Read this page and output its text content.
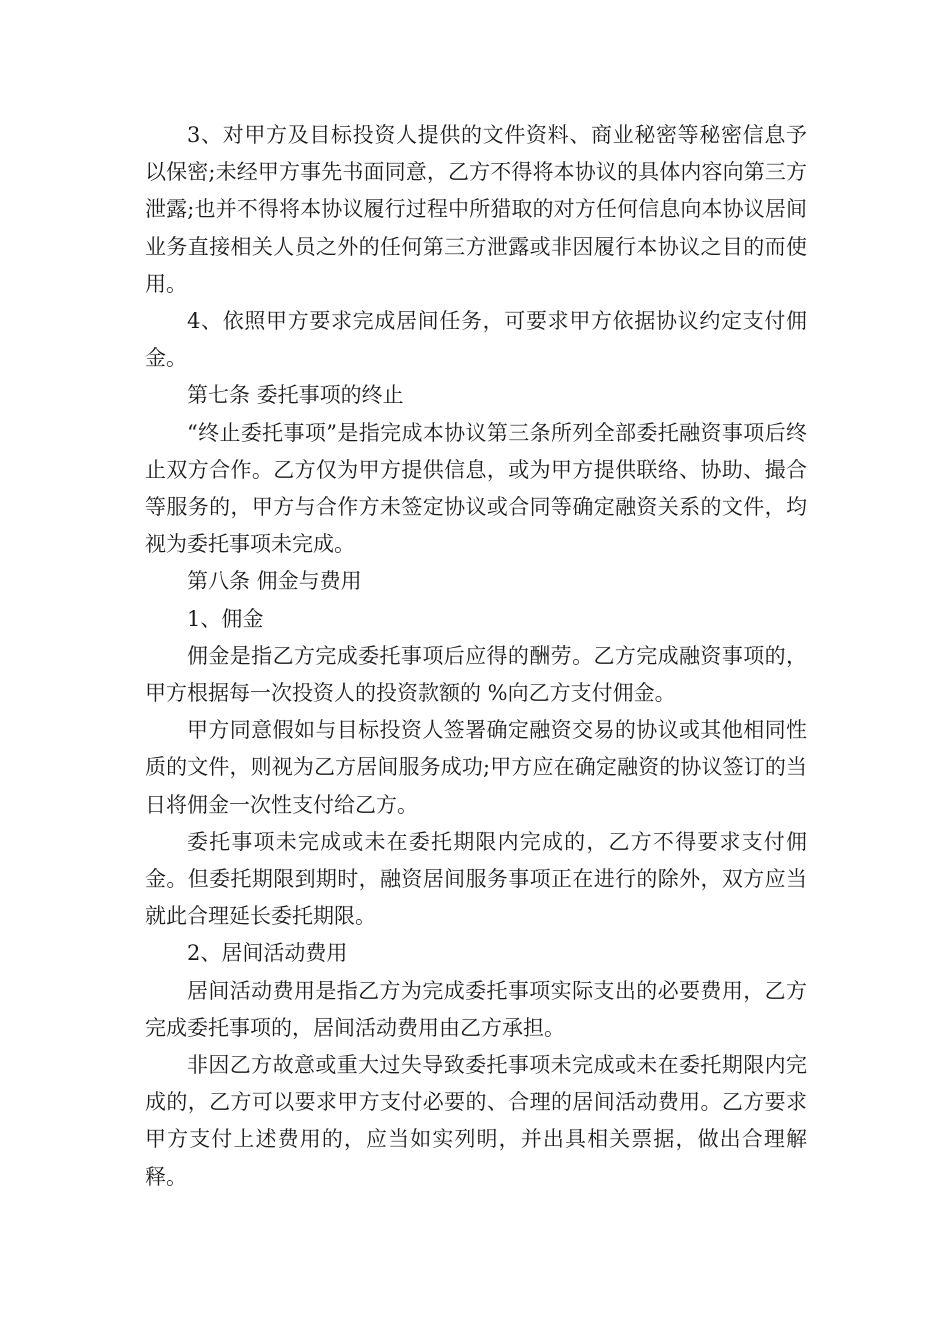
3、对甲方及目标投资人提供的文件资料、商业秘密等秘密信息予以保密;未经甲方事先书面同意，乙方不得将本协议的具体内容向第三方泄露;也并不得将本协议履行过程中所猎取的对方任何信息向本协议居间业务直接相关人员之外的任何第三方泄露或非因履行本协议之目的而使用。

4、依照甲方要求完成居间任务，可要求甲方依据协议约定支付佣金。

第七条 委托事项的终止

“终止委托事项”是指完成本协议第三条所列全部委托融资事项后终止双方合作。乙方仅为甲方提供信息，或为甲方提供联络、协助、撮合等服务的，甲方与合作方未签定协议或合同等确定融资关系的文件，均视为委托事项未完成。

第八条 佣金与费用

1、佣金

佣金是指乙方完成委托事项后应得的酬劳。乙方完成融资事项的，甲方根据每一次投资人的投资款额的 %向乙方支付佣金。

甲方同意假如与目标投资人签署确定融资交易的协议或其他相同性质的文件，则视为乙方居间服务成功;甲方应在确定融资的协议签订的当日将佣金一次性支付给乙方。

委托事项未完成或未在委托期限内完成的，乙方不得要求支付佣金。但委托期限到期时，融资居间服务事项正在进行的除外，双方应当就此合理延长委托期限。

2、居间活动费用

居间活动费用是指乙方为完成委托事项实际支出的必要费用，乙方完成委托事项的，居间活动费用由乙方承担。

非因乙方故意或重大过失导致委托事项未完成或未在委托期限内完成的，乙方可以要求甲方支付必要的、合理的居间活动费用。乙方要求甲方支付上述费用的，应当如实列明，并出具相关票据，做出合理解释。
